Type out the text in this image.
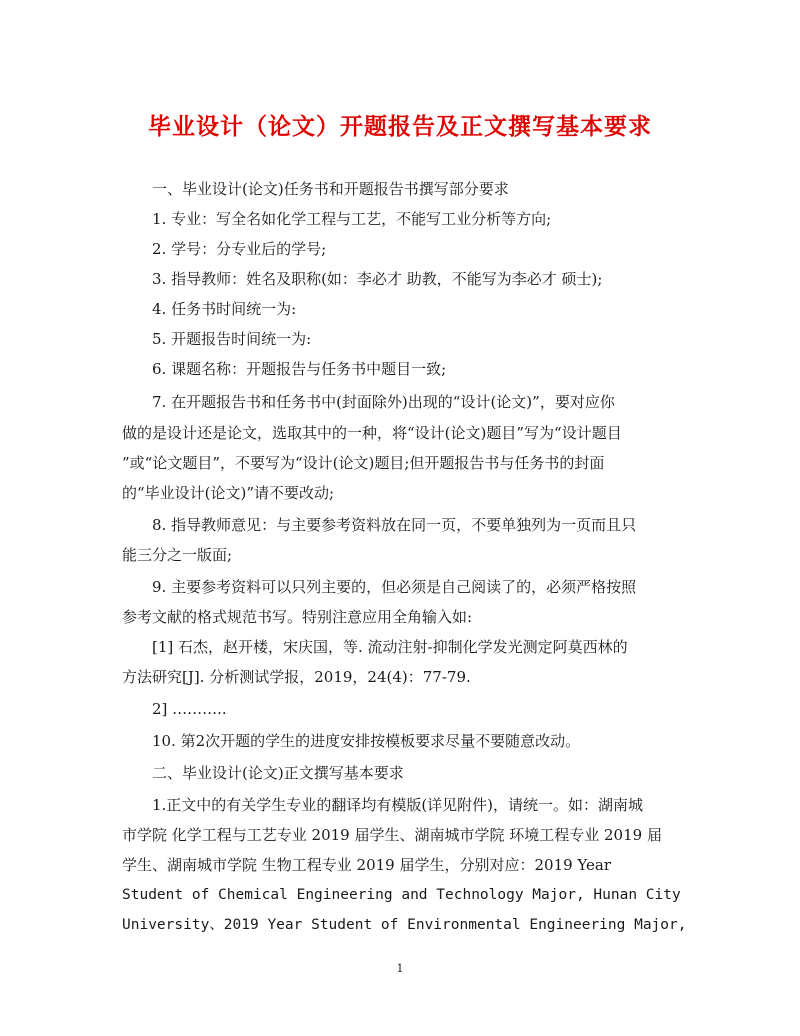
毕业设计（论文）开题报告及正文撰写基本要求
一、毕业设计(论文)任务书和开题报告书撰写部分要求
1. 专业：写全名如化学工程与工艺，不能写工业分析等方向;
2. 学号：分专业后的学号;
3. 指导教师：姓名及职称(如：李必才 助教，不能写为李必才 硕士);
4. 任务书时间统一为:
5. 开题报告时间统一为:
6. 课题名称：开题报告与任务书中题目一致;
7. 在开题报告书和任务书中(封面除外)出现的“设计(论文)”，要对应你
做的是设计还是论文，选取其中的一种，将“设计(论文)题目”写为“设计题目
”或“论文题目”，不要写为“设计(论文)题目;但开题报告书与任务书的封面
的“毕业设计(论文)”请不要改动;
8. 指导教师意见：与主要参考资料放在同一页，不要单独列为一页而且只
能三分之一版面;
9. 主要参考资料可以只列主要的，但必须是自己阅读了的，必须严格按照
参考文献的格式规范书写。特别注意应用全角输入如:
[1] 石杰，赵开楼，宋庆国，等. 流动注射-抑制化学发光测定阿莫西林的
方法研究[J]. 分析测试学报，2019，24(4)：77-79.
2] ………..
10. 第2次开题的学生的进度安排按模板要求尽量不要随意改动。
二、毕业设计(论文)正文撰写基本要求
1.正文中的有关学生专业的翻译均有模版(详见附件)，请统一。如：湖南城
市学院 化学工程与工艺专业 2019 届学生、湖南城市学院 环境工程专业 2019 届
学生、湖南城市学院 生物工程专业 2019 届学生，分别对应：2019 Year
Student of Chemical Engineering and Technology Major, Hunan City
University、2019 Year Student of Environmental Engineering Major,
1
